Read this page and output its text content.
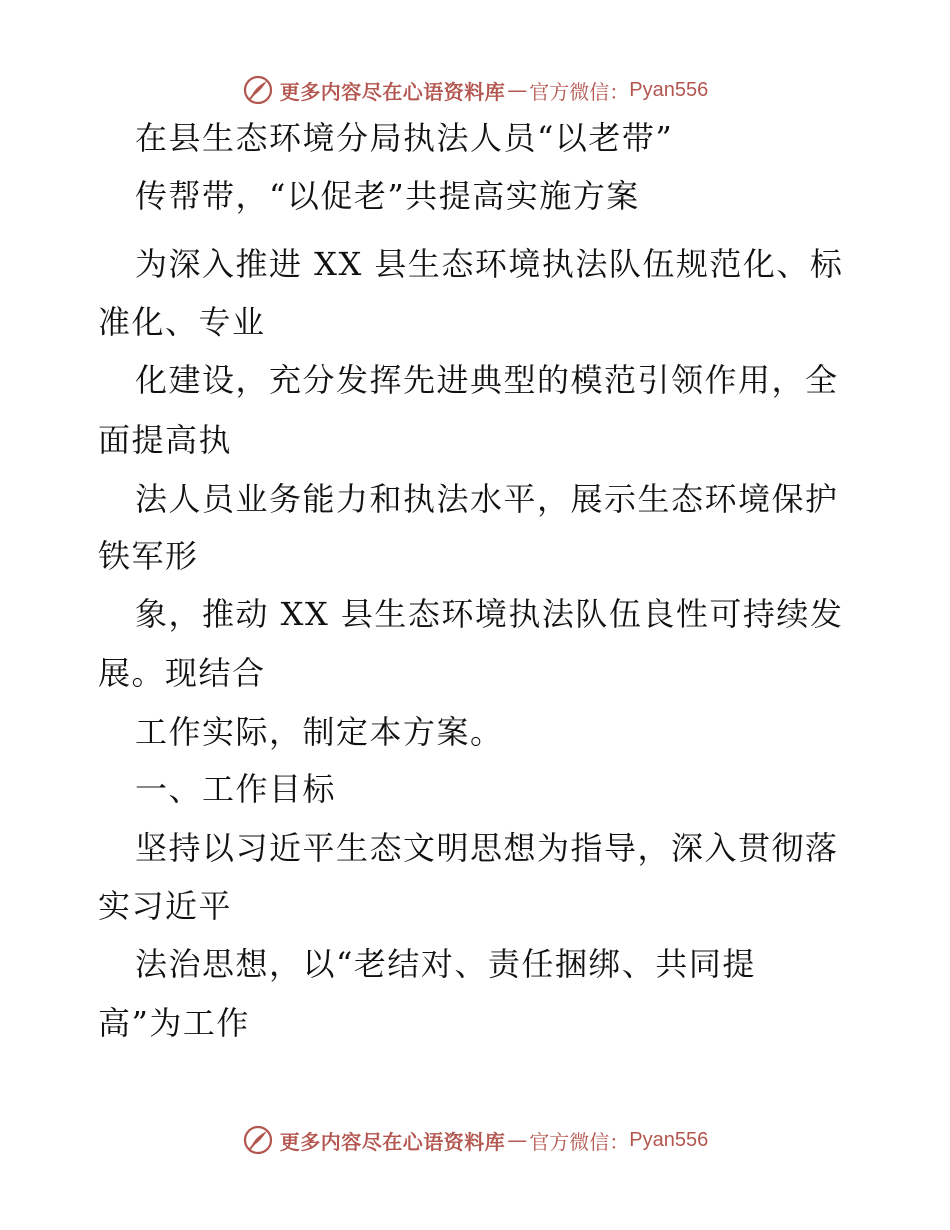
更多内容尽在心语资料库 — 官方微信： Pyan556
在县生态环境分局执法人员“以老带”
传帮带，“以促老”共提高实施方案
为深入推进 XX 县生态环境执法队伍规范化、标
准化、专业
化建设，充分发挥先进典型的模范引领作用，全
面提高执
法人员业务能力和执法水平，展示生态环境保护
铁军形
象，推动 XX 县生态环境执法队伍良性可持续发
展。现结合
工作实际，制定本方案。
一、工作目标
坚持以习近平生态文明思想为指导，深入贯彻落
实习近平
法治思想，以“老结对、责任捆绑、共同提
高”为工作
更多内容尽在心语资料库 — 官方微信： Pyan556
